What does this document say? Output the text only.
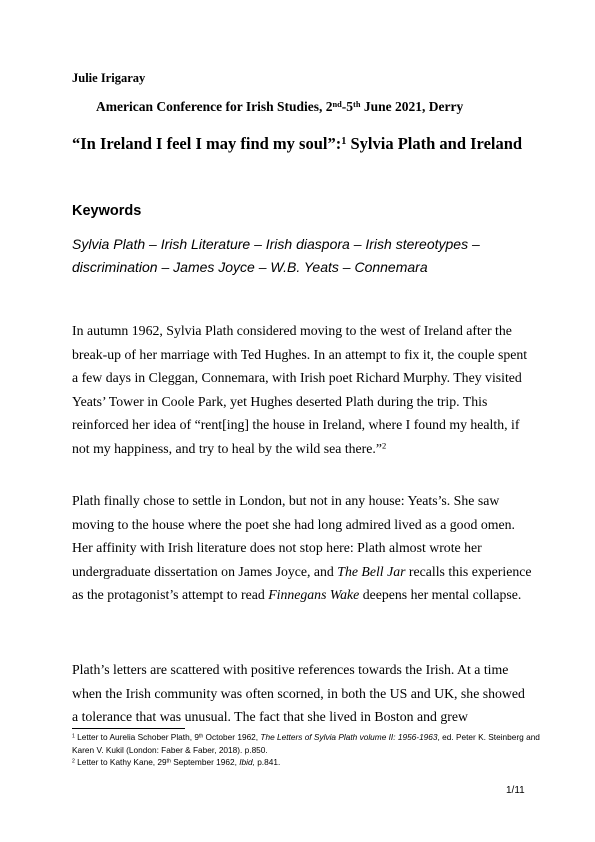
Julie Irigaray
American Conference for Irish Studies, 2nd-5th June 2021, Derry
“In Ireland I feel I may find my soul”:$^1$ Sylvia Plath and Ireland
Keywords
Sylvia Plath – Irish Literature – Irish diaspora – Irish stereotypes – discrimination – James Joyce – W.B. Yeats – Connemara
In autumn 1962, Sylvia Plath considered moving to the west of Ireland after the break-up of her marriage with Ted Hughes. In an attempt to fix it, the couple spent a few days in Cleggan, Connemara, with Irish poet Richard Murphy. They visited Yeats’ Tower in Coole Park, yet Hughes deserted Plath during the trip. This reinforced her idea of “rent[ing] the house in Ireland, where I found my health, if not my happiness, and try to heal by the wild sea there.”$^2$
Plath finally chose to settle in London, but not in any house: Yeats’s. She saw moving to the house where the poet she had long admired lived as a good omen. Her affinity with Irish literature does not stop here: Plath almost wrote her undergraduate dissertation on James Joyce, and The Bell Jar recalls this experience as the protagonist’s attempt to read Finnegans Wake deepens her mental collapse.
Plath’s letters are scattered with positive references towards the Irish. At a time when the Irish community was often scorned, in both the US and UK, she showed a tolerance that was unusual. The fact that she lived in Boston and grew
$^1$ Letter to Aurelia Schober Plath, 9th October 1962, The Letters of Sylvia Plath volume II: 1956-1963, ed. Peter K. Steinberg and Karen V. Kukil (London: Faber & Faber, 2018). p.850.
$^2$ Letter to Kathy Kane, 29th September 1962, Ibid, p.841.
1/11
